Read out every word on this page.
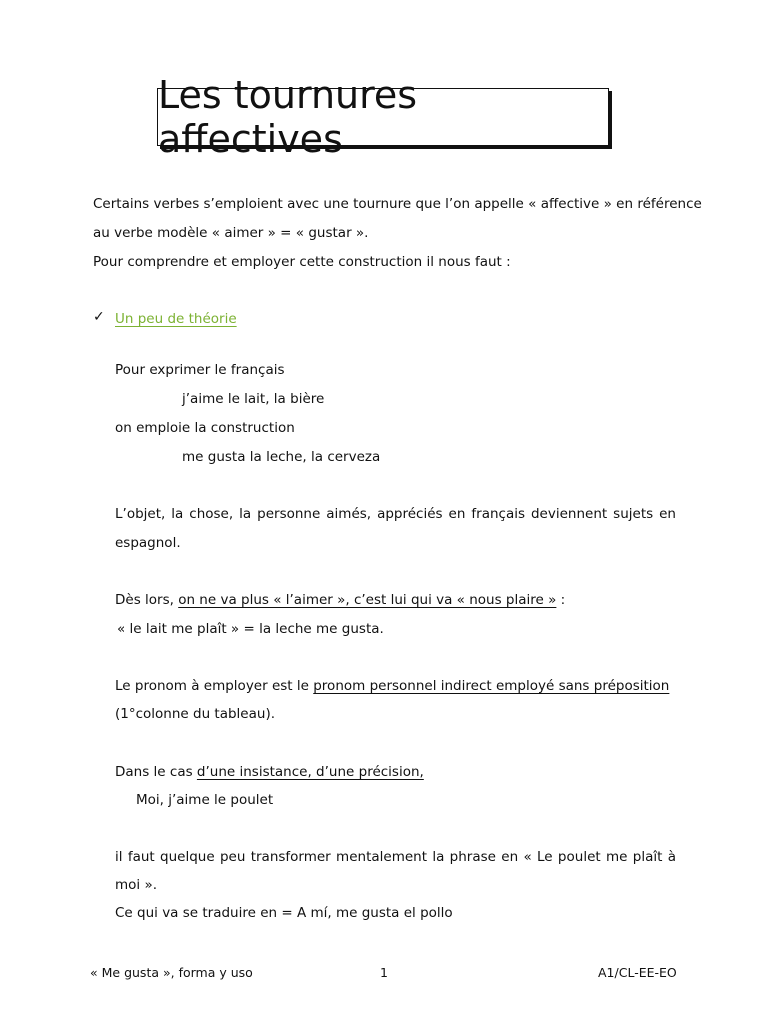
Les tournures affectives
Certains verbes s’emploient avec une tournure que l’on appelle « affective » en référence
au verbe modèle « aimer » = « gustar ».
Pour comprendre et employer cette construction il nous faut :
✓ Un peu de théorie
Pour exprimer le français
j’aime le lait, la bière
on emploie la construction
me gusta la leche, la cerveza
L’objet, la chose, la personne aimés, appréciés en français deviennent sujets en
espagnol.
Dès lors, on ne va plus « l’aimer », c’est lui qui va « nous plaire » :
« le lait me plaît » = la leche me gusta.
Le pronom à employer est le pronom personnel indirect employé sans préposition
(1°colonne du tableau).
Dans le cas d’une insistance, d’une précision,
Moi, j’aime le poulet
il faut quelque peu transformer mentalement la phrase en « Le poulet me plaît à
moi ».
Ce qui va se traduire en = A mí, me gusta el pollo
« Me gusta », forma y uso	1	A1/CL-EE-EO
